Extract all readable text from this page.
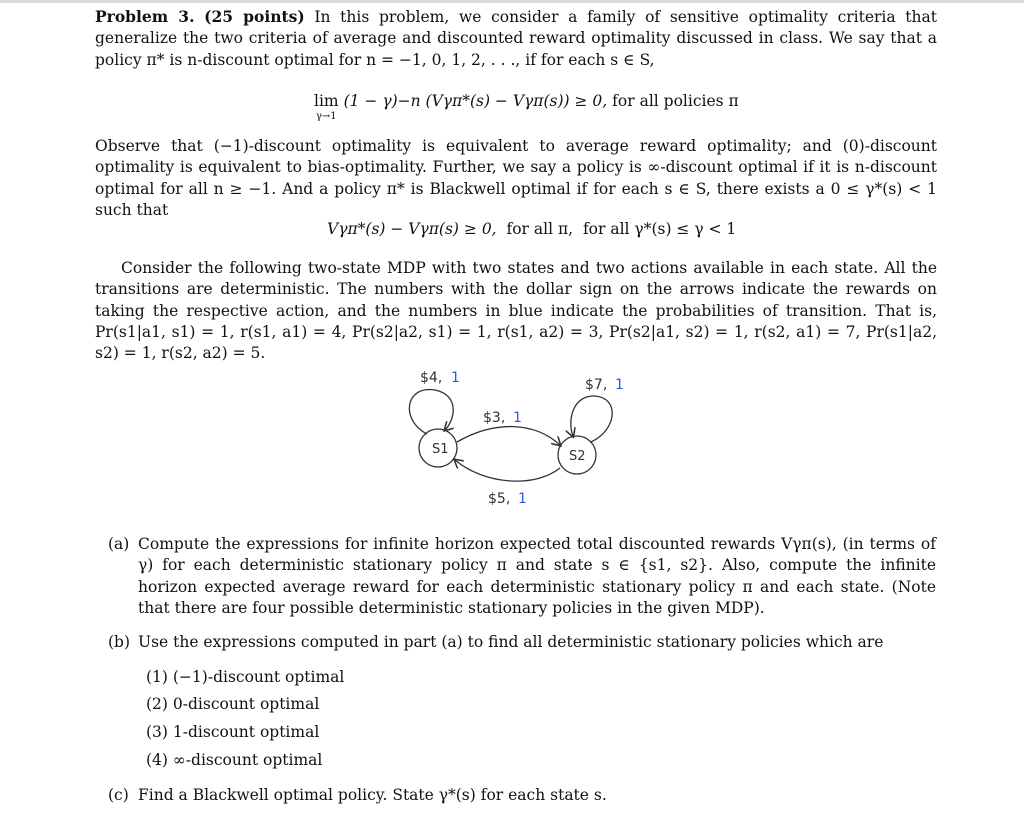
Problem 3. (25 points) In this problem, we consider a family of sensitive optimality criteria that generalize the two criteria of average and discounted reward optimality discussed in class. We say that a policy π* is n-discount optimal for n = −1, 0, 1, 2, . . ., if for each s ∈ S,
lim
γ→1
(1 − γ)−n (Vγπ*(s) − Vγπ(s)) ≥ 0, for all policies π
Observe that (−1)-discount optimality is equivalent to average reward optimality; and (0)-discount optimality is equivalent to bias-optimality. Further, we say a policy is ∞-discount optimal if it is n-discount optimal for all n ≥ −1. And a policy π* is Blackwell optimal if for each s ∈ S, there exists a 0 ≤ γ*(s) < 1 such that
Vγπ*(s) − Vγπ(s) ≥ 0, for all π, for all γ*(s) ≤ γ < 1
Consider the following two-state MDP with two states and two actions available in each state. All the transitions are deterministic. The numbers with the dollar sign on the arrows indicate the rewards on taking the respective action, and the numbers in blue indicate the probabilities of transition. That is, Pr(s1|a1, s1) = 1, r(s1, a1) = 4, Pr(s2|a2, s1) = 1, r(s1, a2) = 3, Pr(s2|a1, s2) = 1, r(s2, a1) = 7, Pr(s1|a2, s2) = 1, r(s2, a2) = 5.
S1	S2
$4, 1	$7, 1
$3, 1
$5, 1
(a) Compute the expressions for infinite horizon expected total discounted rewards Vγπ(s), (in terms of γ) for each deterministic stationary policy π and state s ∈ {s1, s2}. Also, compute the infinite horizon expected average reward for each deterministic stationary policy π and each state. (Note that there are four possible deterministic stationary policies in the given MDP).
(b) Use the expressions computed in part (a) to find all deterministic stationary policies which are
(1) (−1)-discount optimal
(2) 0-discount optimal
(3) 1-discount optimal
(4) ∞-discount optimal
(c) Find a Blackwell optimal policy. State γ*(s) for each state s.
